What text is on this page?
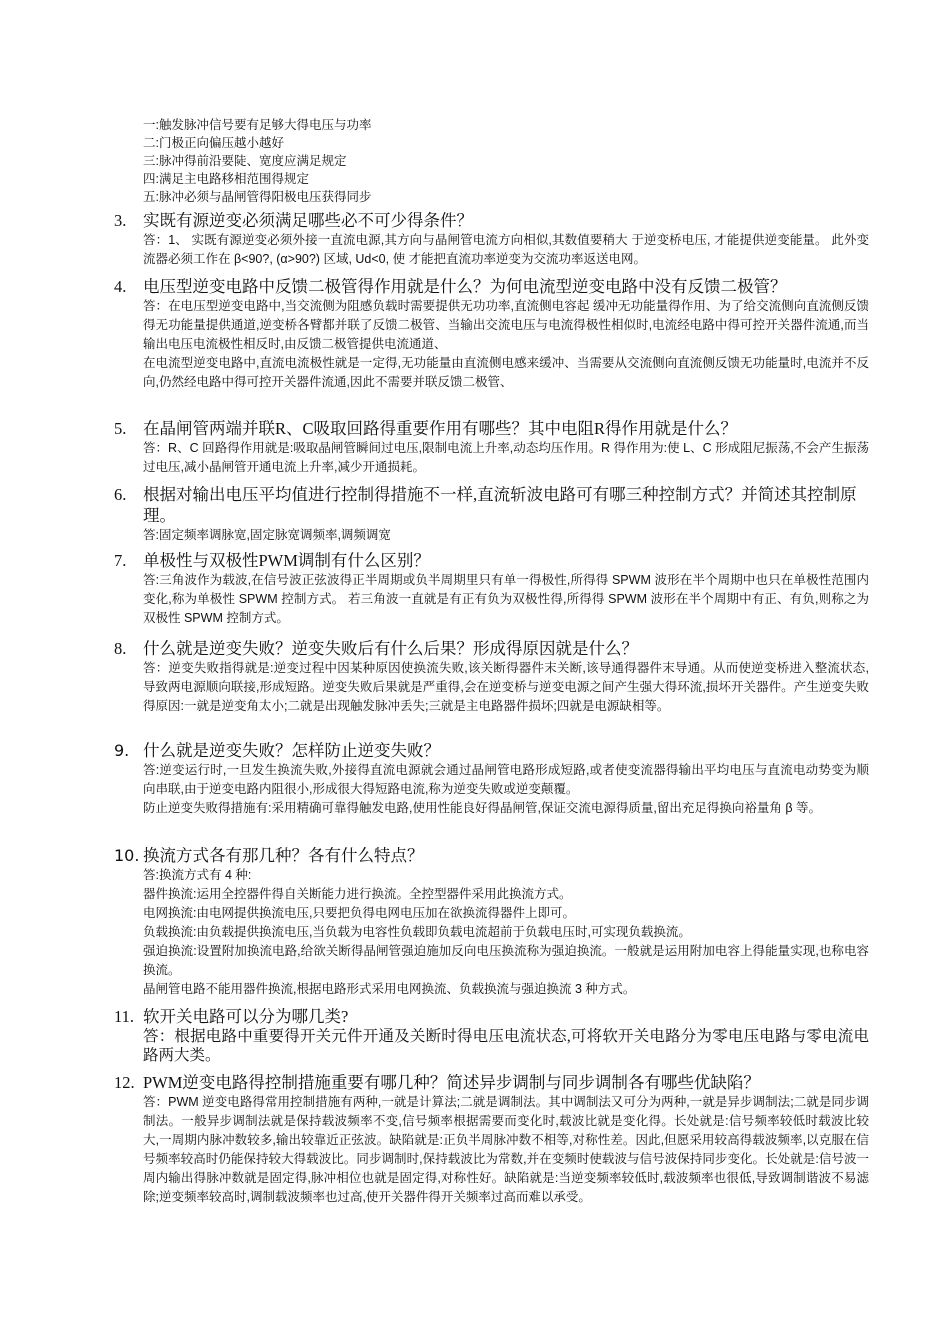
一:触发脉冲信号要有足够大得电压与功率
二:门极正向偏压越小越好
三:脉冲得前沿要陡、宽度应满足规定
四:满足主电路移相范围得规定
五:脉冲必须与晶闸管得阳极电压获得同步
3.	实既有源逆变必须满足哪些必不可少得条件？

答：1、 实既有源逆变必须外接一直流电源,其方向与晶闸管电流方向相似,其数值要稍大 于逆变桥电压, 才能提供逆变能量。 此外变流器必须工作在 β<90?, (α>90?) 区域, Ud<0, 使 才能把直流功率逆变为交流功率返送电网。

4.	电压型逆变电路中反馈二极管得作用就是什么？为何电流型逆变电路中没有反馈二极管？

答：在电压型逆变电路中,当交流侧为阻感负载时需要提供无功功率,直流侧电容起 缓冲无功能量得作用、为了给交流侧向直流侧反馈得无功能量提供通道,逆变桥各臂都并联了反馈二极管、当输出交流电压与电流得极性相似时,电流经电路中得可控开关器件流通,而当输出电压电流极性相反时,由反馈二极管提供电流通道、

在电流型逆变电路中,直流电流极性就是一定得,无功能量由直流侧电感来缓冲、当需要从交流侧向直流侧反馈无功能量时,电流并不反向,仍然经电路中得可控开关器件流通,因此不需要并联反馈二极管、

5.	在晶闸管两端并联R、C吸取回路得重要作用有哪些？其中电阻R得作用就是什么？

答：R、C 回路得作用就是:吸取晶闸管瞬间过电压,限制电流上升率,动态均压作用。R 得作用为:使 L、C 形成阻尼振荡,不会产生振荡过电压,减小晶闸管开通电流上升率,减少开通损耗。

6.	根据对输出电压平均值进行控制得措施不一样,直流斩波电路可有哪三种控制方式？并简述其控制原理。

答:固定频率调脉宽,固定脉宽调频率,调频调宽

7.	单极性与双极性PWM调制有什么区别？

答:三角波作为载波,在信号波正弦波得正半周期或负半周期里只有单一得极性,所得得 SPWM 波形在半个周期中也只在单极性范围内变化,称为单极性 SPWM 控制方式。 若三角波一直就是有正有负为双极性得,所得得 SPWM 波形在半个周期中有正、有负,则称之为双极性 SPWM 控制方式。

8.	什么就是逆变失败？逆变失败后有什么后果？形成得原因就是什么？

答：逆变失败指得就是:逆变过程中因某种原因使换流失败,该关断得器件末关断,该导通得器件末导通。从而使逆变桥进入整流状态,导致两电源顺向联接,形成短路。逆变失败后果就是严重得,会在逆变桥与逆变电源之间产生强大得环流,损坏开关器件。产生逆变失败得原因:一就是逆变角太小;二就是出现触发脉冲丢失;三就是主电路器件损坏;四就是电源缺相等。

9. 什么就是逆变失败？怎样防止逆变失败？

答:逆变运行时,一旦发生换流失败,外接得直流电源就会通过晶闸管电路形成短路,或者使变流器得输出平均电压与直流电动势变为顺向串联,由于逆变电路内阻很小,形成很大得短路电流,称为逆变失败或逆变颠覆。

防止逆变失败得措施有:采用精确可靠得触发电路,使用性能良好得晶闸管,保证交流电源得质量,留出充足得换向裕量角 β 等。

10. 换流方式各有那几种？各有什么特点？

答:换流方式有 4 种:

器件换流:运用全控器件得自关断能力进行换流。全控型器件采用此换流方式。

电网换流:由电网提供换流电压,只要把负得电网电压加在欲换流得器件上即可。

负载换流:由负载提供换流电压,当负载为电容性负载即负载电流超前于负载电压时,可实现负载换流。

强迫换流:设置附加换流电路,给欲关断得晶闸管强迫施加反向电压换流称为强迫换流。一般就是运用附加电容上得能量实现,也称电容换流。

晶闸管电路不能用器件换流,根据电路形式采用电网换流、负载换流与强迫换流 3 种方式。

11. 软开关电路可以分为哪几类?

答：根据电路中重要得开关元件开通及关断时得电压电流状态,可将软开关电路分为零电压电路与零电流电路两大类。

12. PWM逆变电路得控制措施重要有哪几种？简述异步调制与同步调制各有哪些优缺陷？

答：PWM 逆变电路得常用控制措施有两种,一就是计算法;二就是调制法。其中调制法又可分为两种,一就是异步调制法;二就是同步调制法。一般异步调制法就是保持载波频率不变,信号频率根据需要而变化时,载波比就是变化得。长处就是:信号频率较低时载波比较大,一周期内脉冲数较多,输出较靠近正弦波。缺陷就是:正负半周脉冲数不相等,对称性差。因此,但愿采用较高得载波频率,以克服在信号频率较高时仍能保持较大得载波比。同步调制时,保持载波比为常数,并在变频时使载波与信号波保持同步变化。长处就是:信号波一周内输出得脉冲数就是固定得,脉冲相位也就是固定得,对称性好。缺陷就是:当逆变频率较低时,载波频率也很低,导致调制谐波不易滤除;逆变频率较高时,调制载波频率也过高,使开关器件得开关频率过高而难以承受。
